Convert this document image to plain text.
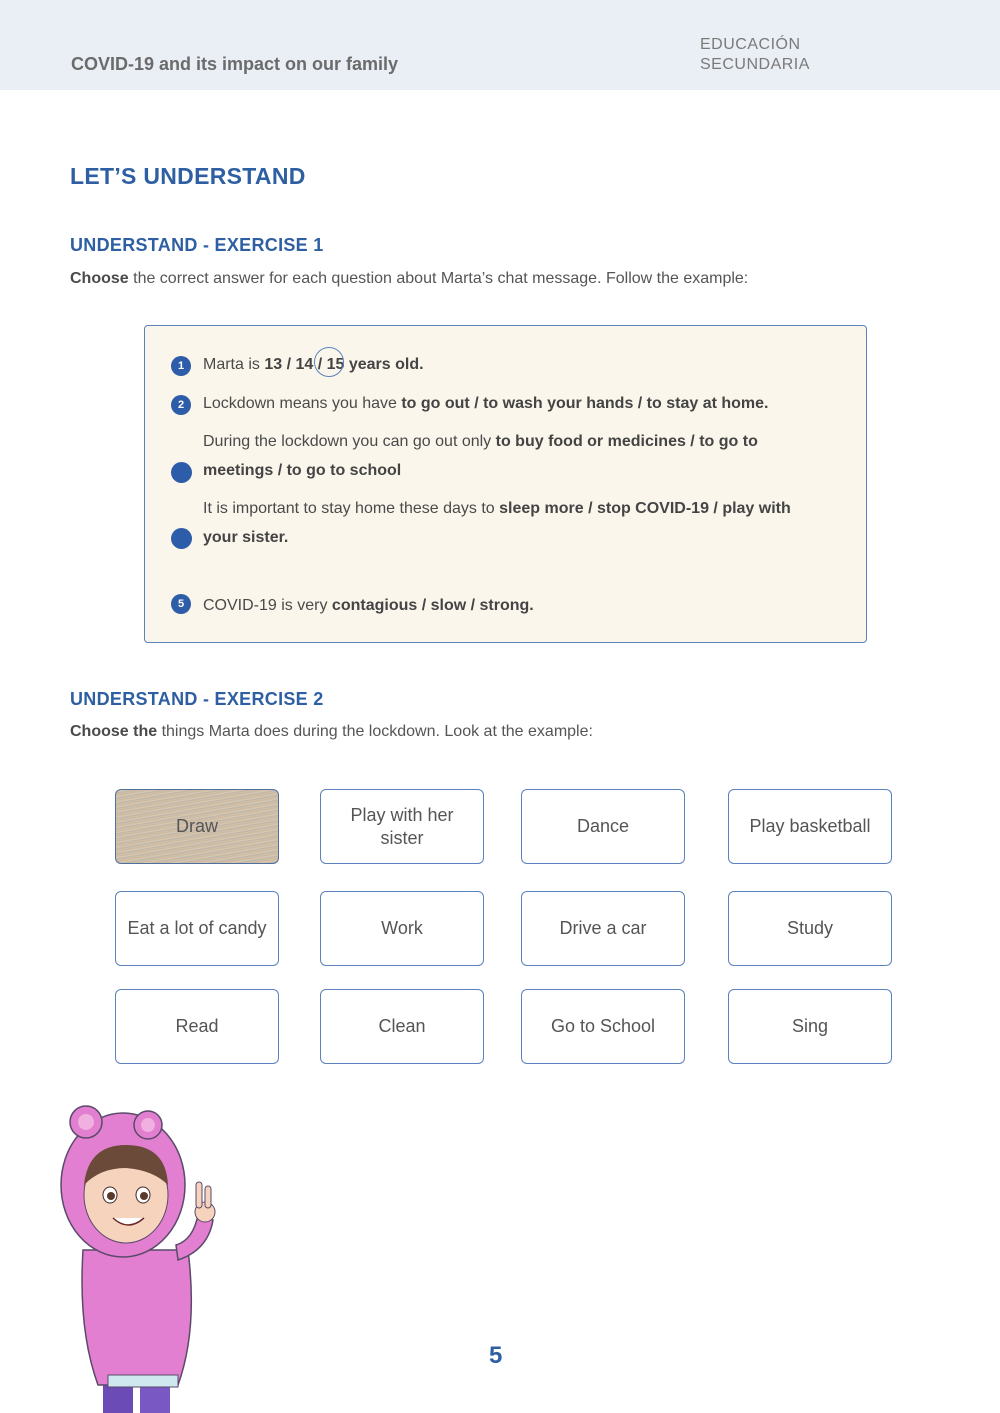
COVID-19 and its impact on our family
EDUCACIÓN
SECUNDARIA
LET’S UNDERSTAND
UNDERSTAND - EXERCISE 1
Choose the correct answer for each question about Marta’s chat message. Follow the example:
1	Marta is 13 / 14 / 15 years old.
2	Lockdown means you have to go out / to wash your hands / to stay at home.
During the lockdown you can go out only to buy food or medicines / to go to
meetings / to go to school
It is important to stay home these days to sleep more / stop COVID-19 / play with
your sister.
5	COVID-19 is very contagious / slow / strong.
UNDERSTAND - EXERCISE 2
Choose the things Marta does during the lockdown. Look at the example:
Draw
Play with her sister
Dance	Play basketball
Eat a lot of candy	Work	Drive a car	Study
Read	Clean	Go to School	Sing
5
